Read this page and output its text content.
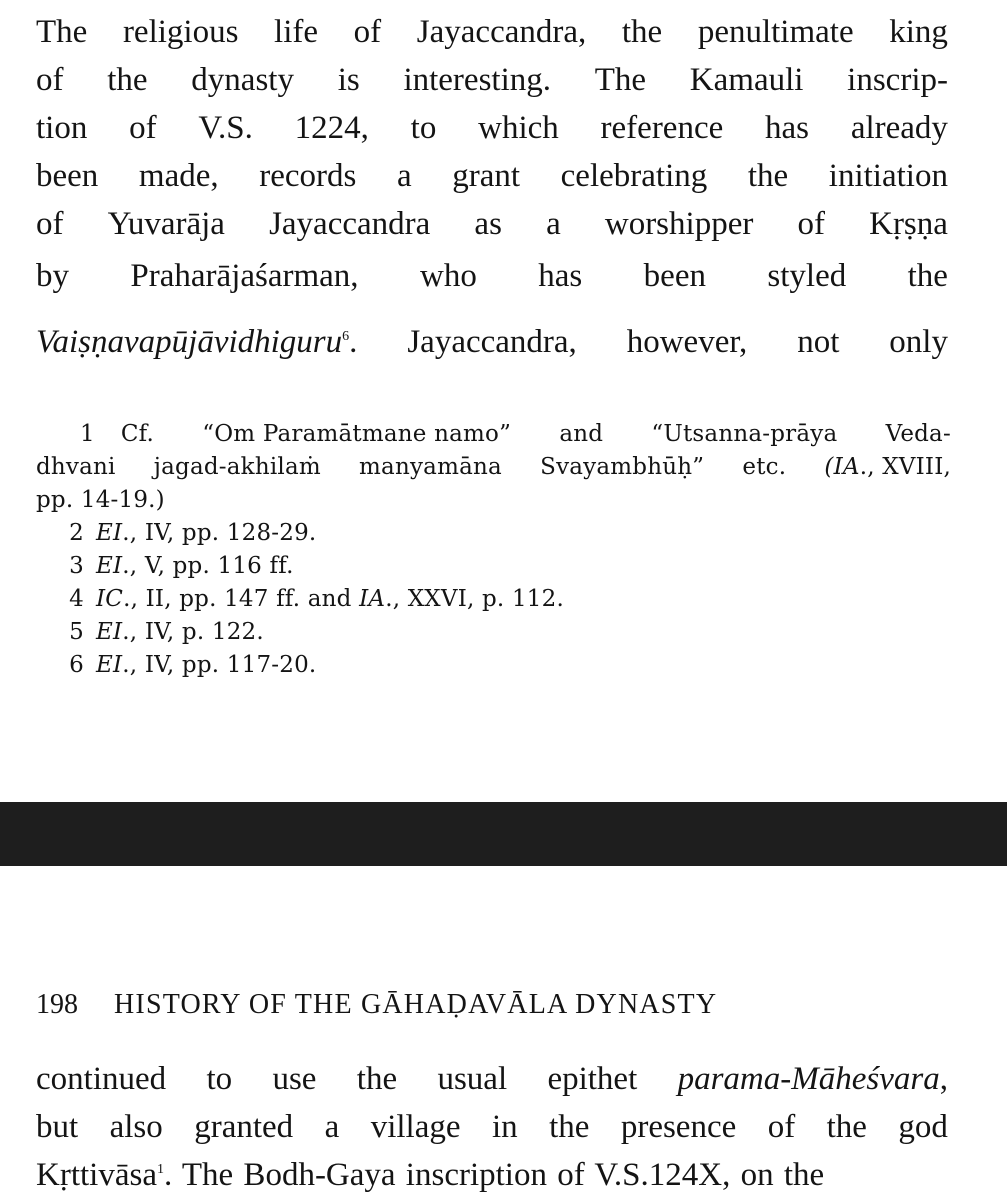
The religious life of Jayaccandra, the penultimate king
of the dynasty is interesting. The Kamauli inscrip-
tion of V.S. 1224, to which reference has already
been made, records a grant celebrating the initiation
of Yuvarāja Jayaccandra as a worshipper of Kṛṣṇa
by Praharājaśarman, who has been styled the
Vaiṣṇavapūjāvidhiguru$^6$. Jayaccandra, however, not only
1 Cf. “Om Paramātmane namo” and “Utsanna-prāya Veda-
dhvani jagad-akhilaṁ manyamāna Svayambhūḥ” etc. (IA., XVIII,
pp. 14-19.)
2 EI., IV, pp. 128-29.
3 EI., V, pp. 116 ff.
4 IC., II, pp. 147 ff. and IA., XXVI, p. 112.
5 EI., IV, p. 122.
6 EI., IV, pp. 117-20.
198 HISTORY OF THE GĀHAḌAVĀLA DYNASTY
continued to use the usual epithet parama-Māheśvara,
but also granted a village in the presence of the god
Kṛttivāsa$^1$. The Bodh-Gaya inscription of V.S.124X, on the
